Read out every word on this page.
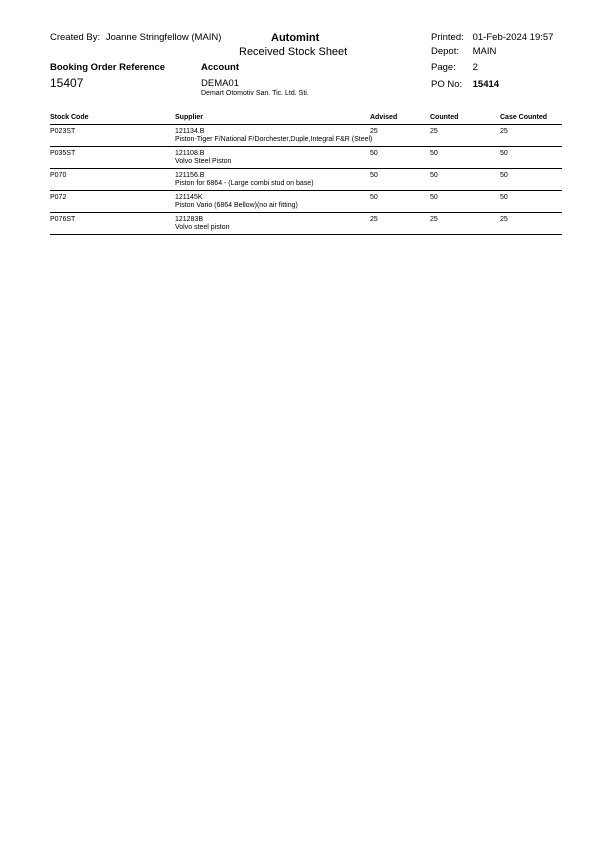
Created By: Joanne Stringfellow (MAIN)	Automint
Received Stock Sheet
Printed: 01-Feb-2024 19:57
Depot: MAIN
Page: 2
PO No: 15414
Booking Order Reference
15407
Account
DEMA01
Demart Otomotiv San. Tic. Ltd. Sti.
Stock Code	Supplier	Advised	Counted	Case Counted
P023ST	121134.B
Piston-Tiger F/National F/Dorchester,Duple,Integral F&R (Steel)
25	25	25
P035ST	121108.B
Volvo Steel Piston
50	50	50
P070	121156.B
Piston for 6864 - (Large combi stud on base)
50	50	50
P072	121145K
Piston Vario (6864 Bellow)(no air fitting)
50	50	50
P076ST	121283B
Volvo steel piston
25	25	25
